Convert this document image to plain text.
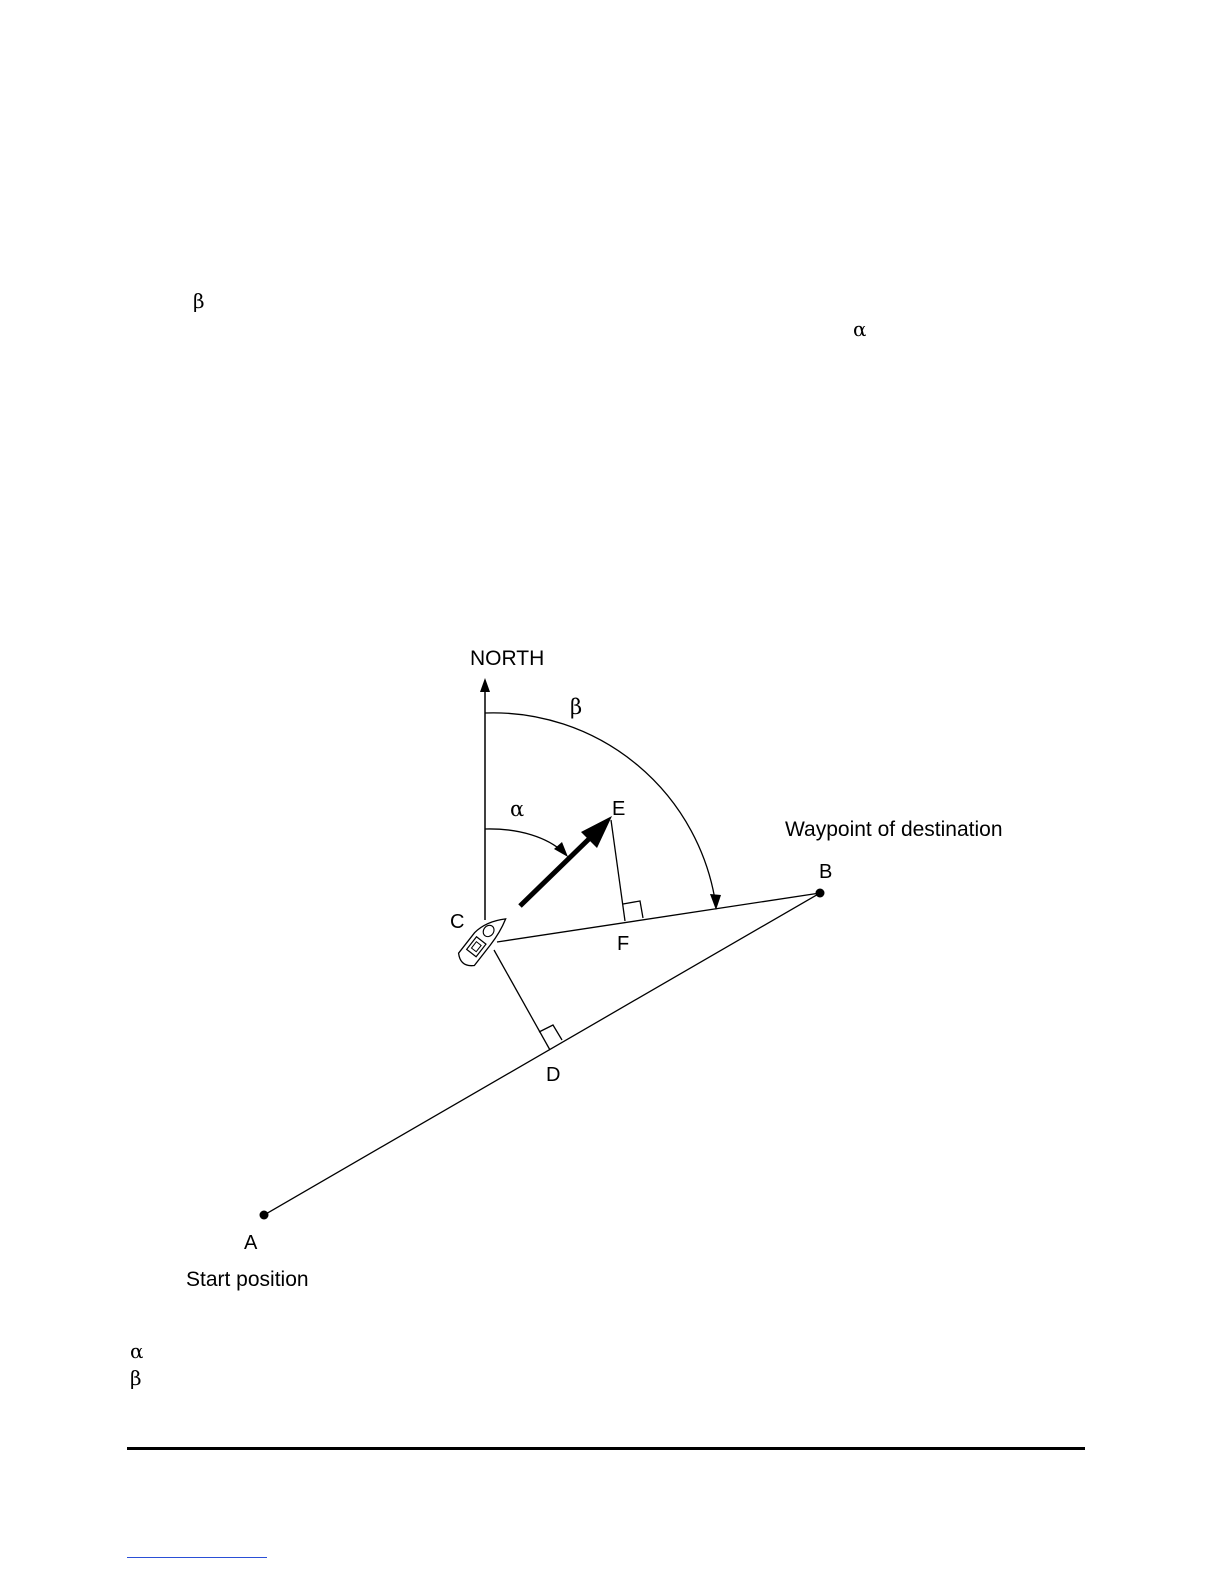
β
α
NORTH
β
α	E
Waypoint of destination
B
C
F
D
A
Start position
α
β
